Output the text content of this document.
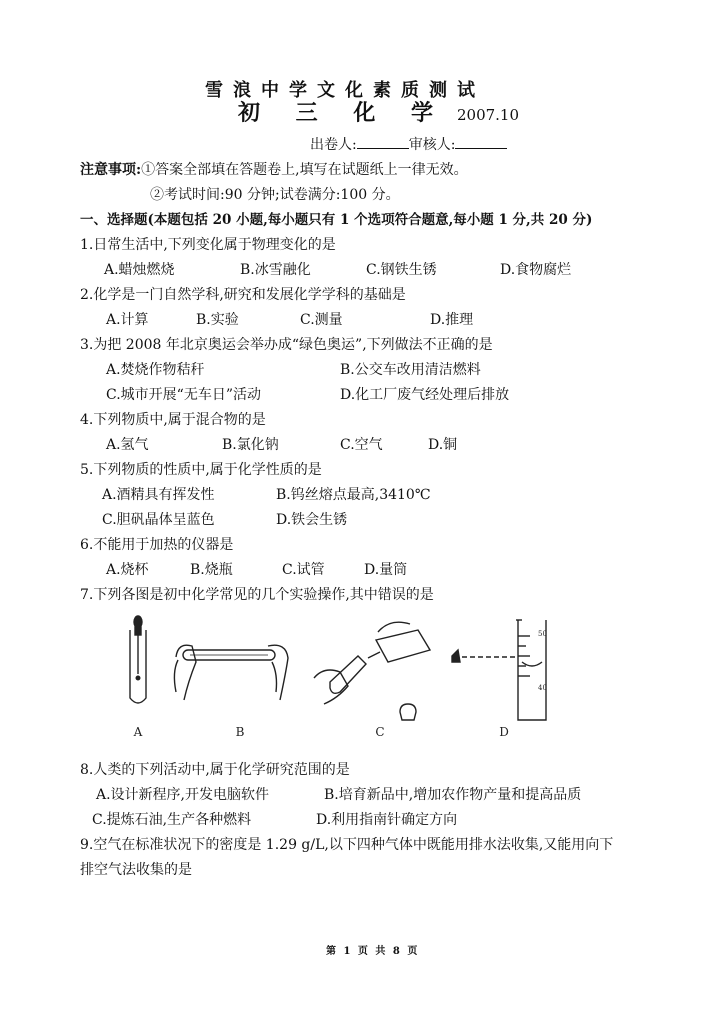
雪浪中学文化素质测试
初 三 化 学 2007.10
出卷人:	审核人:
注意事项:①答案全部填在答题卷上,填写在试题纸上一律无效。
②考试时间:90 分钟;试卷满分:100 分。
一、选择题(本题包括 20 小题,每小题只有 1 个选项符合题意,每小题 1 分,共 20 分)
1.日常生活中,下列变化属于物理变化的是
A.蜡烛燃烧	B.冰雪融化	C.钢铁生锈	D.食物腐烂
2.化学是一门自然学科,研究和发展化学学科的基础是
A.计算	B.实验	C.测量	D.推理
3.为把 2008 年北京奥运会举办成“绿色奥运”,下列做法不正确的是
A.焚烧作物秸秆	B.公交车改用清洁燃料
C.城市开展“无车日”活动	D.化工厂废气经处理后排放
4.下列物质中,属于混合物的是
A.氢气	B.氯化钠	C.空气	D.铜
5.下列物质的性质中,属于化学性质的是
A.酒精具有挥发性	B.钨丝熔点最高,3410℃
C.胆矾晶体呈蓝色	D.铁会生锈
6.不能用于加热的仪器是
A.烧杯	B.烧瓶	C.试管	D.量筒
7.下列各图是初中化学常见的几个实验操作,其中错误的是
50
40
A	B	C	D
8.人类的下列活动中,属于化学研究范围的是
A.设计新程序,开发电脑软件	B.培育新品中,增加农作物产量和提高品质
C.提炼石油,生产各种燃料	D.利用指南针确定方向
9.空气在标准状况下的密度是 1.29 g/L,以下四种气体中既能用排水法收集,又能用向下
排空气法收集的是
第 1 页 共 8 页
